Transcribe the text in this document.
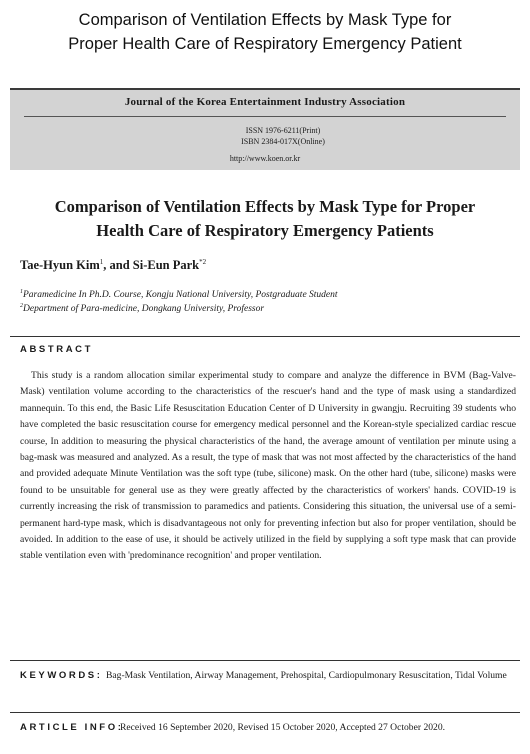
Comparison of Ventilation Effects by Mask Type for
Proper Health Care of Respiratory Emergency Patient
Journal of the Korea Entertainment Industry Association
ISSN 1976-6211(Print)
ISBN 2384-017X(Online)
http://www.koen.or.kr
Comparison of Ventilation Effects by Mask Type for Proper
Health Care of Respiratory Emergency Patients
Tae-Hyun Kim$^1$, and Si-Eun Park$^{*2}$
$^1$Paramedicine In Ph.D. Course, Kongju National University, Postgraduate Student
$^2$Department of Para-medicine, Dongkang University, Professor
ABSTRACT
This study is a random allocation similar experimental study to compare and analyze the difference in BVM (Bag-Valve-Mask) ventilation volume according to the characteristics of the rescuer's hand and the type of mask using a standardized mannequin. To this end, the Basic Life Resuscitation Education Center of D University in gwangju. Recruiting 39 students who have completed the basic resuscitation course for emergency medical personnel and the Korean-style specialized cardiac rescue course, In addition to measuring the physical characteristics of the hand, the average amount of ventilation per minute using a bag-mask was measured and analyzed. As a result, the type of mask that was not most affected by the characteristics of the hand and provided adequate Minute Ventilation was the soft type (tube, silicone) mask. On the other hard (tube, silicone) masks were found to be unsuitable for general use as they were greatly affected by the characteristics of workers' hands. COVID-19 is currently increasing the risk of transmission to paramedics and patients. Considering this situation, the universal use of a semi-permanent hard-type mask, which is disadvantageous not only for preventing infection but also for proper ventilation, should be avoided. In addition to the ease of use, it should be actively utilized in the field by supplying a soft type mask that can provide stable ventilation even with 'predominance recognition' and proper ventilation.
KEYWORDS: Bag-Mask Ventilation, Airway Management, Prehospital, Cardiopulmonary Resuscitation, Tidal Volume
ARTICLE INFO:
Received 16 September 2020, Revised 15 October 2020, Accepted 27 October 2020.
